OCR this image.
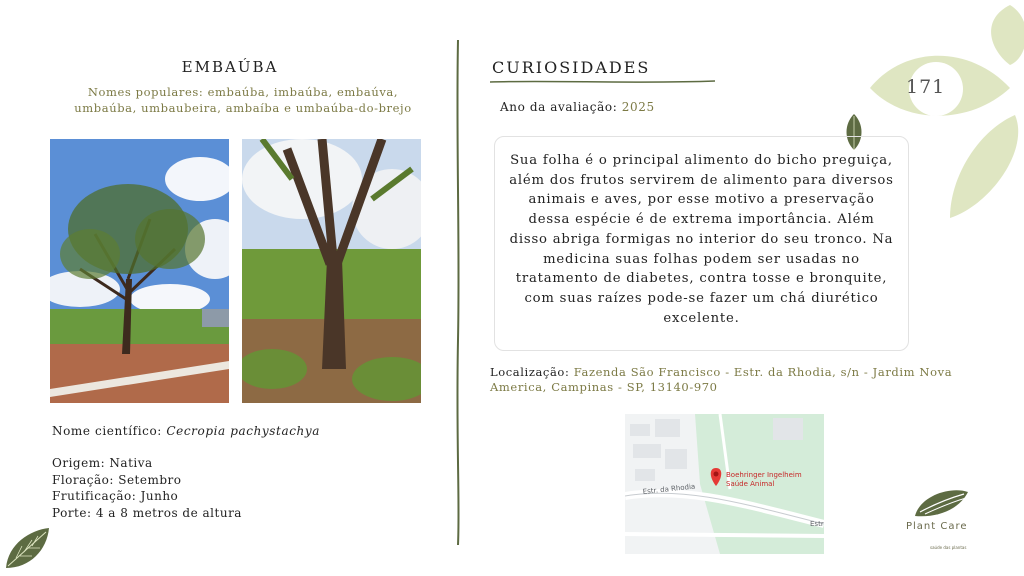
171
EMBAÚBA
Nomes populares: embaúba, imbaúba, embaúva, umbaúba, umbaubeira, ambaíba e umbaúba-do-brejo
Nome científico: Cecropia pachystachya
Origem: Nativa
Floração: Setembro
Frutificação: Junho
Porte: 4 a 8 metros de altura
CURIOSIDADES
Ano da avaliação: 2025
Sua folha é o principal alimento do bicho preguiça, além dos frutos servirem de alimento para diversos animais e aves, por esse motivo a preservação dessa espécie é de extrema importância. Além disso abriga formigas no interior do seu tronco. Na medicina suas folhas podem ser usadas no tratamento de diabetes, contra tosse e bronquite, com suas raízes pode-se fazer um chá diurético excelente.
Localização: Fazenda São Francisco - Estr. da Rhodia, s/n - Jardim Nova America, Campinas - SP, 13140-970
Estr. da Rhodia
Estr
Boehringer Ingelheim
Saúde Animal
Plant Care
saúde das plantas
